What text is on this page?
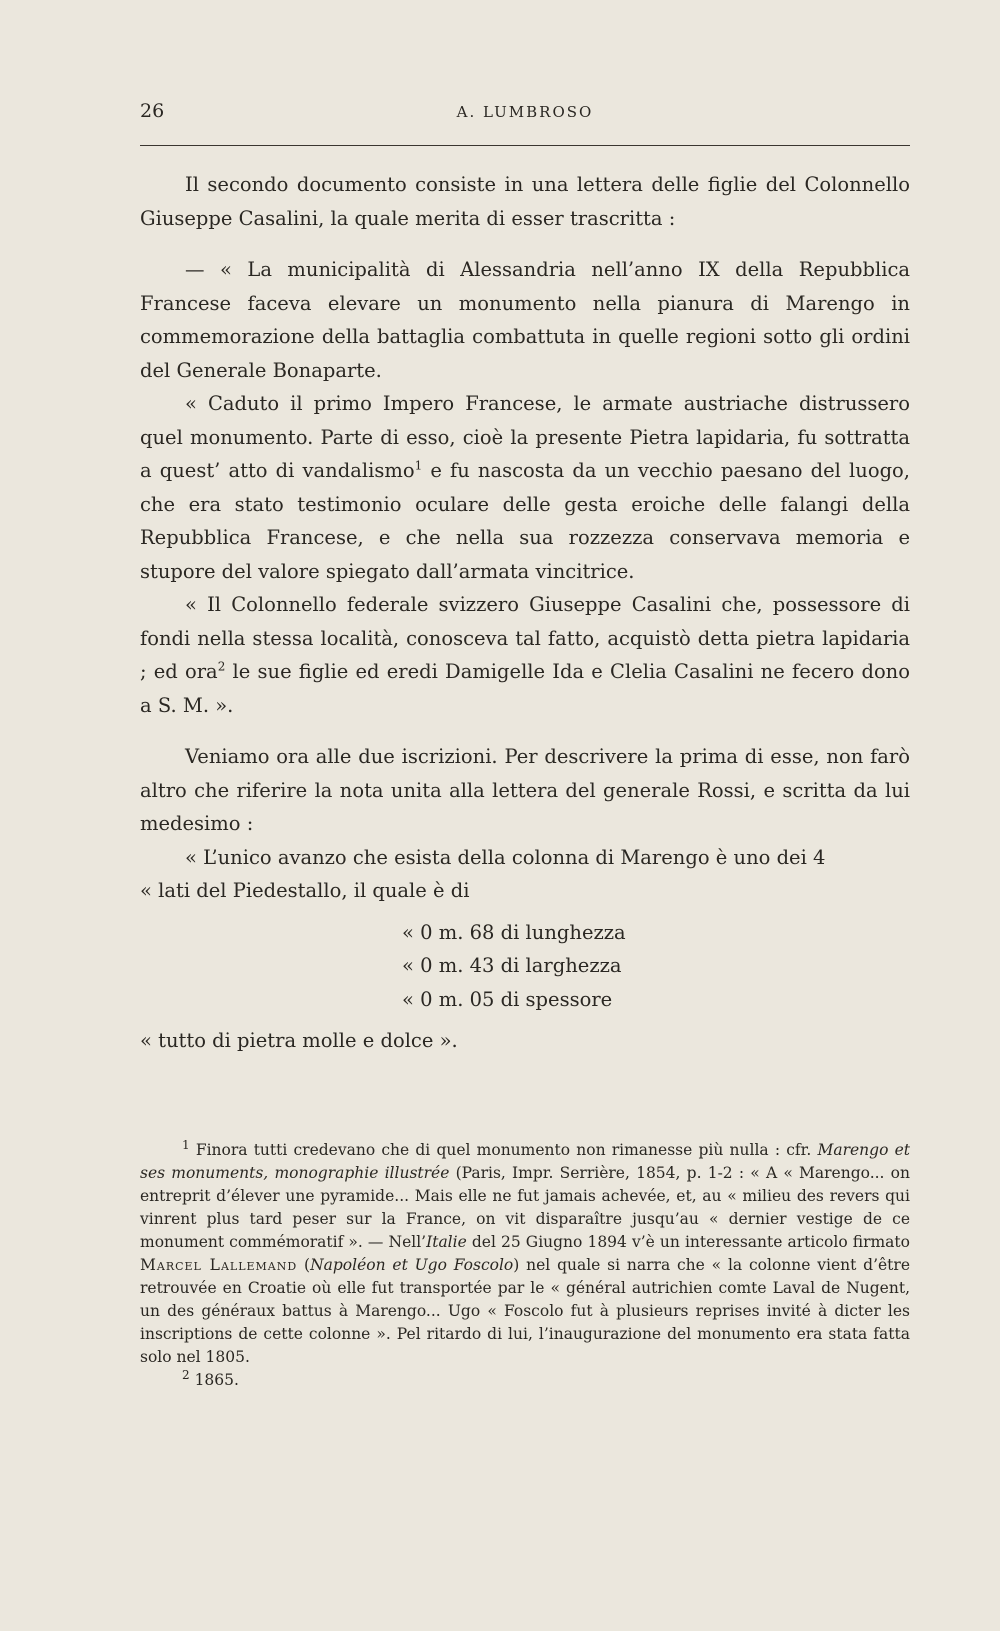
26	A. LUMBROSO

Il secondo documento consiste in una lettera delle figlie del Colonnello Giuseppe Casalini, la quale merita di esser trascritta :

— « La municipalità di Alessandria nell’anno IX della Repubblica Francese faceva elevare un monumento nella pianura di Marengo in commemorazione della battaglia combattuta in quelle regioni sotto gli ordini del Generale Bonaparte.

« Caduto il primo Impero Francese, le armate austriache distrussero quel monumento. Parte di esso, cioè la presente Pietra lapidaria, fu sottratta a quest’ atto di vandalismo$^1$ e fu nascosta da un vecchio paesano del luogo, che era stato testimonio oculare delle gesta eroiche delle falangi della Repubblica Francese, e che nella sua rozzezza conservava memoria e stupore del valore spiegato dall’armata vincitrice.

« Il Colonnello federale svizzero Giuseppe Casalini che, possessore di fondi nella stessa località, conosceva tal fatto, acquistò detta pietra lapidaria ; ed ora$^2$ le sue figlie ed eredi Damigelle Ida e Clelia Casalini ne fecero dono a S. M. ».

Veniamo ora alle due iscrizioni. Per descrivere la prima di esse, non farò altro che riferire la nota unita alla lettera del generale Rossi, e scritta da lui medesimo :

« L’unico avanzo che esista della colonna di Marengo è uno dei 4

« lati del Piedestallo, il quale è di

« 0 m. 68 di lunghezza
« 0 m. 43 di larghezza
« 0 m. 05 di spessore

« tutto di pietra molle e dolce ».

$^1$ Finora tutti credevano che di quel monumento non rimanesse più nulla : cfr. Marengo et ses monuments, monographie illustrée (Paris, Impr. Serrière, 1854, p. 1-2 : « A « Marengo... on entreprit d’élever une pyramide... Mais elle ne fut jamais achevée, et, au « milieu des revers qui vinrent plus tard peser sur la France, on vit disparaître jusqu’au « dernier vestige de ce monument commémoratif ». — Nell’Italie del 25 Giugno 1894 v’è un interessante articolo firmato Marcel Lallemand (Napoléon et Ugo Foscolo) nel quale si narra che « la colonne vient d’être retrouvée en Croatie où elle fut transportée par le « général autrichien comte Laval de Nugent, un des généraux battus à Marengo... Ugo « Foscolo fut à plusieurs reprises invité à dicter les inscriptions de cette colonne ». Pel ritardo di lui, l’inaugurazione del monumento era stata fatta solo nel 1805.

$^2$ 1865.
